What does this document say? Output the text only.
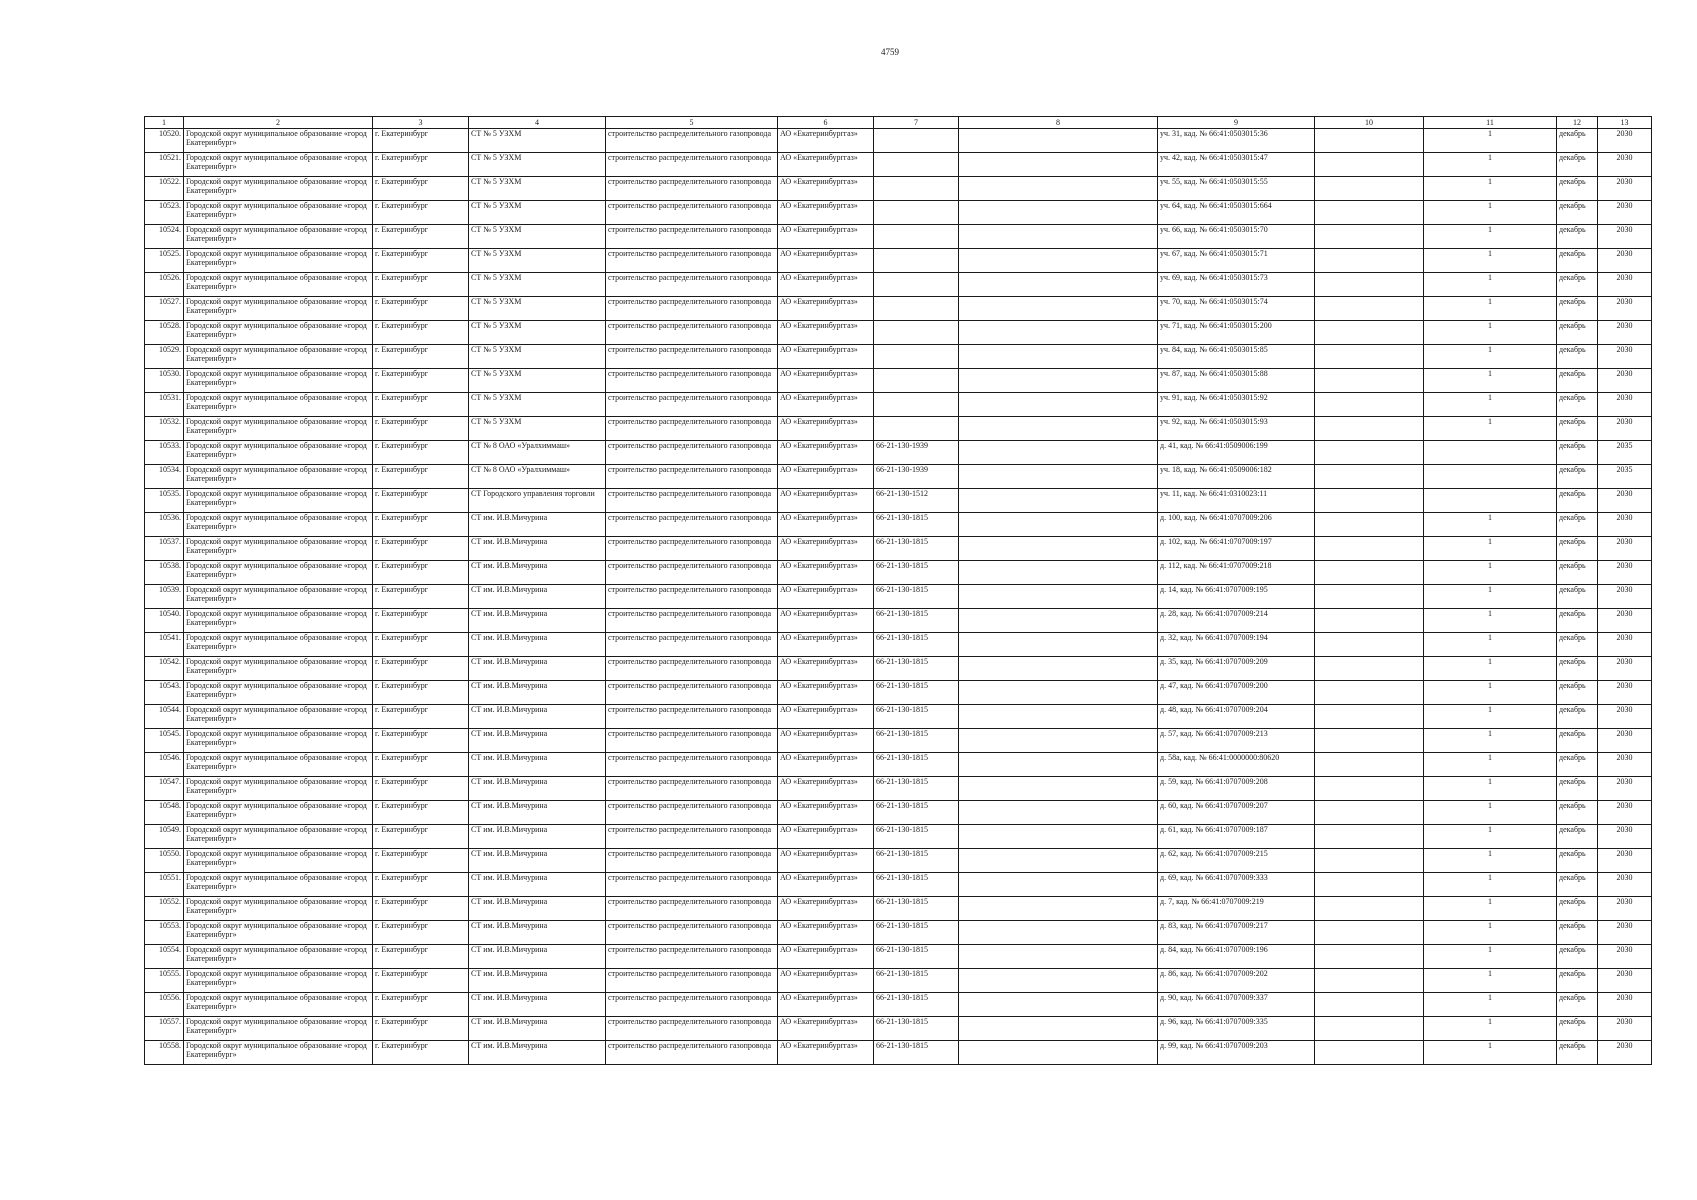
4759
1	2	3	4	5	6	7	8	9	10	11	12	13
10520.	Городской округ муниципальное образование «город Екатеринбург»	г. Екатеринбург	СТ № 5 УЗХМ	строительство распределительного газопровода	АО «Екатеринбурггаз»			уч. 31, кад. № 66:41:0503015:36		1	декабрь	2030
10521.	Городской округ муниципальное образование «город Екатеринбург»	г. Екатеринбург	СТ № 5 УЗХМ	строительство распределительного газопровода	АО «Екатеринбурггаз»			уч. 42, кад. № 66:41:0503015:47		1	декабрь	2030
10522.	Городской округ муниципальное образование «город Екатеринбург»	г. Екатеринбург	СТ № 5 УЗХМ	строительство распределительного газопровода	АО «Екатеринбурггаз»			уч. 55, кад. № 66:41:0503015:55		1	декабрь	2030
10523.	Городской округ муниципальное образование «город Екатеринбург»	г. Екатеринбург	СТ № 5 УЗХМ	строительство распределительного газопровода	АО «Екатеринбурггаз»			уч. 64, кад. № 66:41:0503015:664		1	декабрь	2030
10524.	Городской округ муниципальное образование «город Екатеринбург»	г. Екатеринбург	СТ № 5 УЗХМ	строительство распределительного газопровода	АО «Екатеринбурггаз»			уч. 66, кад. № 66:41:0503015:70		1	декабрь	2030
10525.	Городской округ муниципальное образование «город Екатеринбург»	г. Екатеринбург	СТ № 5 УЗХМ	строительство распределительного газопровода	АО «Екатеринбурггаз»			уч. 67, кад. № 66:41:0503015:71		1	декабрь	2030
10526.	Городской округ муниципальное образование «город Екатеринбург»	г. Екатеринбург	СТ № 5 УЗХМ	строительство распределительного газопровода	АО «Екатеринбурггаз»			уч. 69, кад. № 66:41:0503015:73		1	декабрь	2030
10527.	Городской округ муниципальное образование «город Екатеринбург»	г. Екатеринбург	СТ № 5 УЗХМ	строительство распределительного газопровода	АО «Екатеринбурггаз»			уч. 70, кад. № 66:41:0503015:74		1	декабрь	2030
10528.	Городской округ муниципальное образование «город Екатеринбург»	г. Екатеринбург	СТ № 5 УЗХМ	строительство распределительного газопровода	АО «Екатеринбурггаз»			уч. 71, кад. № 66:41:0503015:200		1	декабрь	2030
10529.	Городской округ муниципальное образование «город Екатеринбург»	г. Екатеринбург	СТ № 5 УЗХМ	строительство распределительного газопровода	АО «Екатеринбурггаз»			уч. 84, кад. № 66:41:0503015:85		1	декабрь	2030
10530.	Городской округ муниципальное образование «город Екатеринбург»	г. Екатеринбург	СТ № 5 УЗХМ	строительство распределительного газопровода	АО «Екатеринбурггаз»			уч. 87, кад. № 66:41:0503015:88		1	декабрь	2030
10531.	Городской округ муниципальное образование «город Екатеринбург»	г. Екатеринбург	СТ № 5 УЗХМ	строительство распределительного газопровода	АО «Екатеринбурггаз»			уч. 91, кад. № 66:41:0503015:92		1	декабрь	2030
10532.	Городской округ муниципальное образование «город Екатеринбург»	г. Екатеринбург	СТ № 5 УЗХМ	строительство распределительного газопровода	АО «Екатеринбурггаз»			уч. 92, кад. № 66:41:0503015:93		1	декабрь	2030
10533.	Городской округ муниципальное образование «город Екатеринбург»	г. Екатеринбург	СТ № 8 ОАО «Уралхиммаш»	строительство распределительного газопровода	АО «Екатеринбурггаз»	66-21-130-1939		д. 41, кад. № 66:41:0509006:199			декабрь	2035
10534.	Городской округ муниципальное образование «город Екатеринбург»	г. Екатеринбург	СТ № 8 ОАО «Уралхиммаш»	строительство распределительного газопровода	АО «Екатеринбурггаз»	66-21-130-1939		уч. 18, кад. № 66:41:0509006:182			декабрь	2035
10535.	Городской округ муниципальное образование «город Екатеринбург»	г. Екатеринбург	СТ Городского управления торговли	строительство распределительного газопровода	АО «Екатеринбурггаз»	66-21-130-1512		уч. 11, кад. № 66:41:0310023:11			декабрь	2030
10536.	Городской округ муниципальное образование «город Екатеринбург»	г. Екатеринбург	СТ им. И.В.Мичурина	строительство распределительного газопровода	АО «Екатеринбурггаз»	66-21-130-1815		д. 100, кад. № 66:41:0707009:206		1	декабрь	2030
10537.	Городской округ муниципальное образование «город Екатеринбург»	г. Екатеринбург	СТ им. И.В.Мичурина	строительство распределительного газопровода	АО «Екатеринбурггаз»	66-21-130-1815		д. 102, кад. № 66:41:0707009:197		1	декабрь	2030
10538.	Городской округ муниципальное образование «город Екатеринбург»	г. Екатеринбург	СТ им. И.В.Мичурина	строительство распределительного газопровода	АО «Екатеринбурггаз»	66-21-130-1815		д. 112, кад. № 66:41:0707009:218		1	декабрь	2030
10539.	Городской округ муниципальное образование «город Екатеринбург»	г. Екатеринбург	СТ им. И.В.Мичурина	строительство распределительного газопровода	АО «Екатеринбурггаз»	66-21-130-1815		д. 14, кад. № 66:41:0707009:195		1	декабрь	2030
10540.	Городской округ муниципальное образование «город Екатеринбург»	г. Екатеринбург	СТ им. И.В.Мичурина	строительство распределительного газопровода	АО «Екатеринбурггаз»	66-21-130-1815		д. 28, кад. № 66:41:0707009:214		1	декабрь	2030
10541.	Городской округ муниципальное образование «город Екатеринбург»	г. Екатеринбург	СТ им. И.В.Мичурина	строительство распределительного газопровода	АО «Екатеринбурггаз»	66-21-130-1815		д. 32, кад. № 66:41:0707009:194		1	декабрь	2030
10542.	Городской округ муниципальное образование «город Екатеринбург»	г. Екатеринбург	СТ им. И.В.Мичурина	строительство распределительного газопровода	АО «Екатеринбурггаз»	66-21-130-1815		д. 35, кад. № 66:41:0707009:209		1	декабрь	2030
10543.	Городской округ муниципальное образование «город Екатеринбург»	г. Екатеринбург	СТ им. И.В.Мичурина	строительство распределительного газопровода	АО «Екатеринбурггаз»	66-21-130-1815		д. 47, кад. № 66:41:0707009:200		1	декабрь	2030
10544.	Городской округ муниципальное образование «город Екатеринбург»	г. Екатеринбург	СТ им. И.В.Мичурина	строительство распределительного газопровода	АО «Екатеринбурггаз»	66-21-130-1815		д. 48, кад. № 66:41:0707009:204		1	декабрь	2030
10545.	Городской округ муниципальное образование «город Екатеринбург»	г. Екатеринбург	СТ им. И.В.Мичурина	строительство распределительного газопровода	АО «Екатеринбурггаз»	66-21-130-1815		д. 57, кад. № 66:41:0707009:213		1	декабрь	2030
10546.	Городской округ муниципальное образование «город Екатеринбург»	г. Екатеринбург	СТ им. И.В.Мичурина	строительство распределительного газопровода	АО «Екатеринбурггаз»	66-21-130-1815		д. 58а, кад. № 66:41:0000000:80620		1	декабрь	2030
10547.	Городской округ муниципальное образование «город Екатеринбург»	г. Екатеринбург	СТ им. И.В.Мичурина	строительство распределительного газопровода	АО «Екатеринбурггаз»	66-21-130-1815		д. 59, кад. № 66:41:0707009:208		1	декабрь	2030
10548.	Городской округ муниципальное образование «город Екатеринбург»	г. Екатеринбург	СТ им. И.В.Мичурина	строительство распределительного газопровода	АО «Екатеринбурггаз»	66-21-130-1815		д. 60, кад. № 66:41:0707009:207		1	декабрь	2030
10549.	Городской округ муниципальное образование «город Екатеринбург»	г. Екатеринбург	СТ им. И.В.Мичурина	строительство распределительного газопровода	АО «Екатеринбурггаз»	66-21-130-1815		д. 61, кад. № 66:41:0707009:187		1	декабрь	2030
10550.	Городской округ муниципальное образование «город Екатеринбург»	г. Екатеринбург	СТ им. И.В.Мичурина	строительство распределительного газопровода	АО «Екатеринбурггаз»	66-21-130-1815		д. 62, кад. № 66:41:0707009:215		1	декабрь	2030
10551.	Городской округ муниципальное образование «город Екатеринбург»	г. Екатеринбург	СТ им. И.В.Мичурина	строительство распределительного газопровода	АО «Екатеринбурггаз»	66-21-130-1815		д. 69, кад. № 66:41:0707009:333		1	декабрь	2030
10552.	Городской округ муниципальное образование «город Екатеринбург»	г. Екатеринбург	СТ им. И.В.Мичурина	строительство распределительного газопровода	АО «Екатеринбурггаз»	66-21-130-1815		д. 7, кад. № 66:41:0707009:219		1	декабрь	2030
10553.	Городской округ муниципальное образование «город Екатеринбург»	г. Екатеринбург	СТ им. И.В.Мичурина	строительство распределительного газопровода	АО «Екатеринбурггаз»	66-21-130-1815		д. 83, кад. № 66:41:0707009:217		1	декабрь	2030
10554.	Городской округ муниципальное образование «город Екатеринбург»	г. Екатеринбург	СТ им. И.В.Мичурина	строительство распределительного газопровода	АО «Екатеринбурггаз»	66-21-130-1815		д. 84, кад. № 66:41:0707009:196		1	декабрь	2030
10555.	Городской округ муниципальное образование «город Екатеринбург»	г. Екатеринбург	СТ им. И.В.Мичурина	строительство распределительного газопровода	АО «Екатеринбурггаз»	66-21-130-1815		д. 86, кад. № 66:41:0707009:202		1	декабрь	2030
10556.	Городской округ муниципальное образование «город Екатеринбург»	г. Екатеринбург	СТ им. И.В.Мичурина	строительство распределительного газопровода	АО «Екатеринбурггаз»	66-21-130-1815		д. 90, кад. № 66:41:0707009:337		1	декабрь	2030
10557.	Городской округ муниципальное образование «город Екатеринбург»	г. Екатеринбург	СТ им. И.В.Мичурина	строительство распределительного газопровода	АО «Екатеринбурггаз»	66-21-130-1815		д. 96, кад. № 66:41:0707009:335		1	декабрь	2030
10558.	Городской округ муниципальное образование «город Екатеринбург»	г. Екатеринбург	СТ им. И.В.Мичурина	строительство распределительного газопровода	АО «Екатеринбурггаз»	66-21-130-1815		д. 99, кад. № 66:41:0707009:203		1	декабрь	2030
